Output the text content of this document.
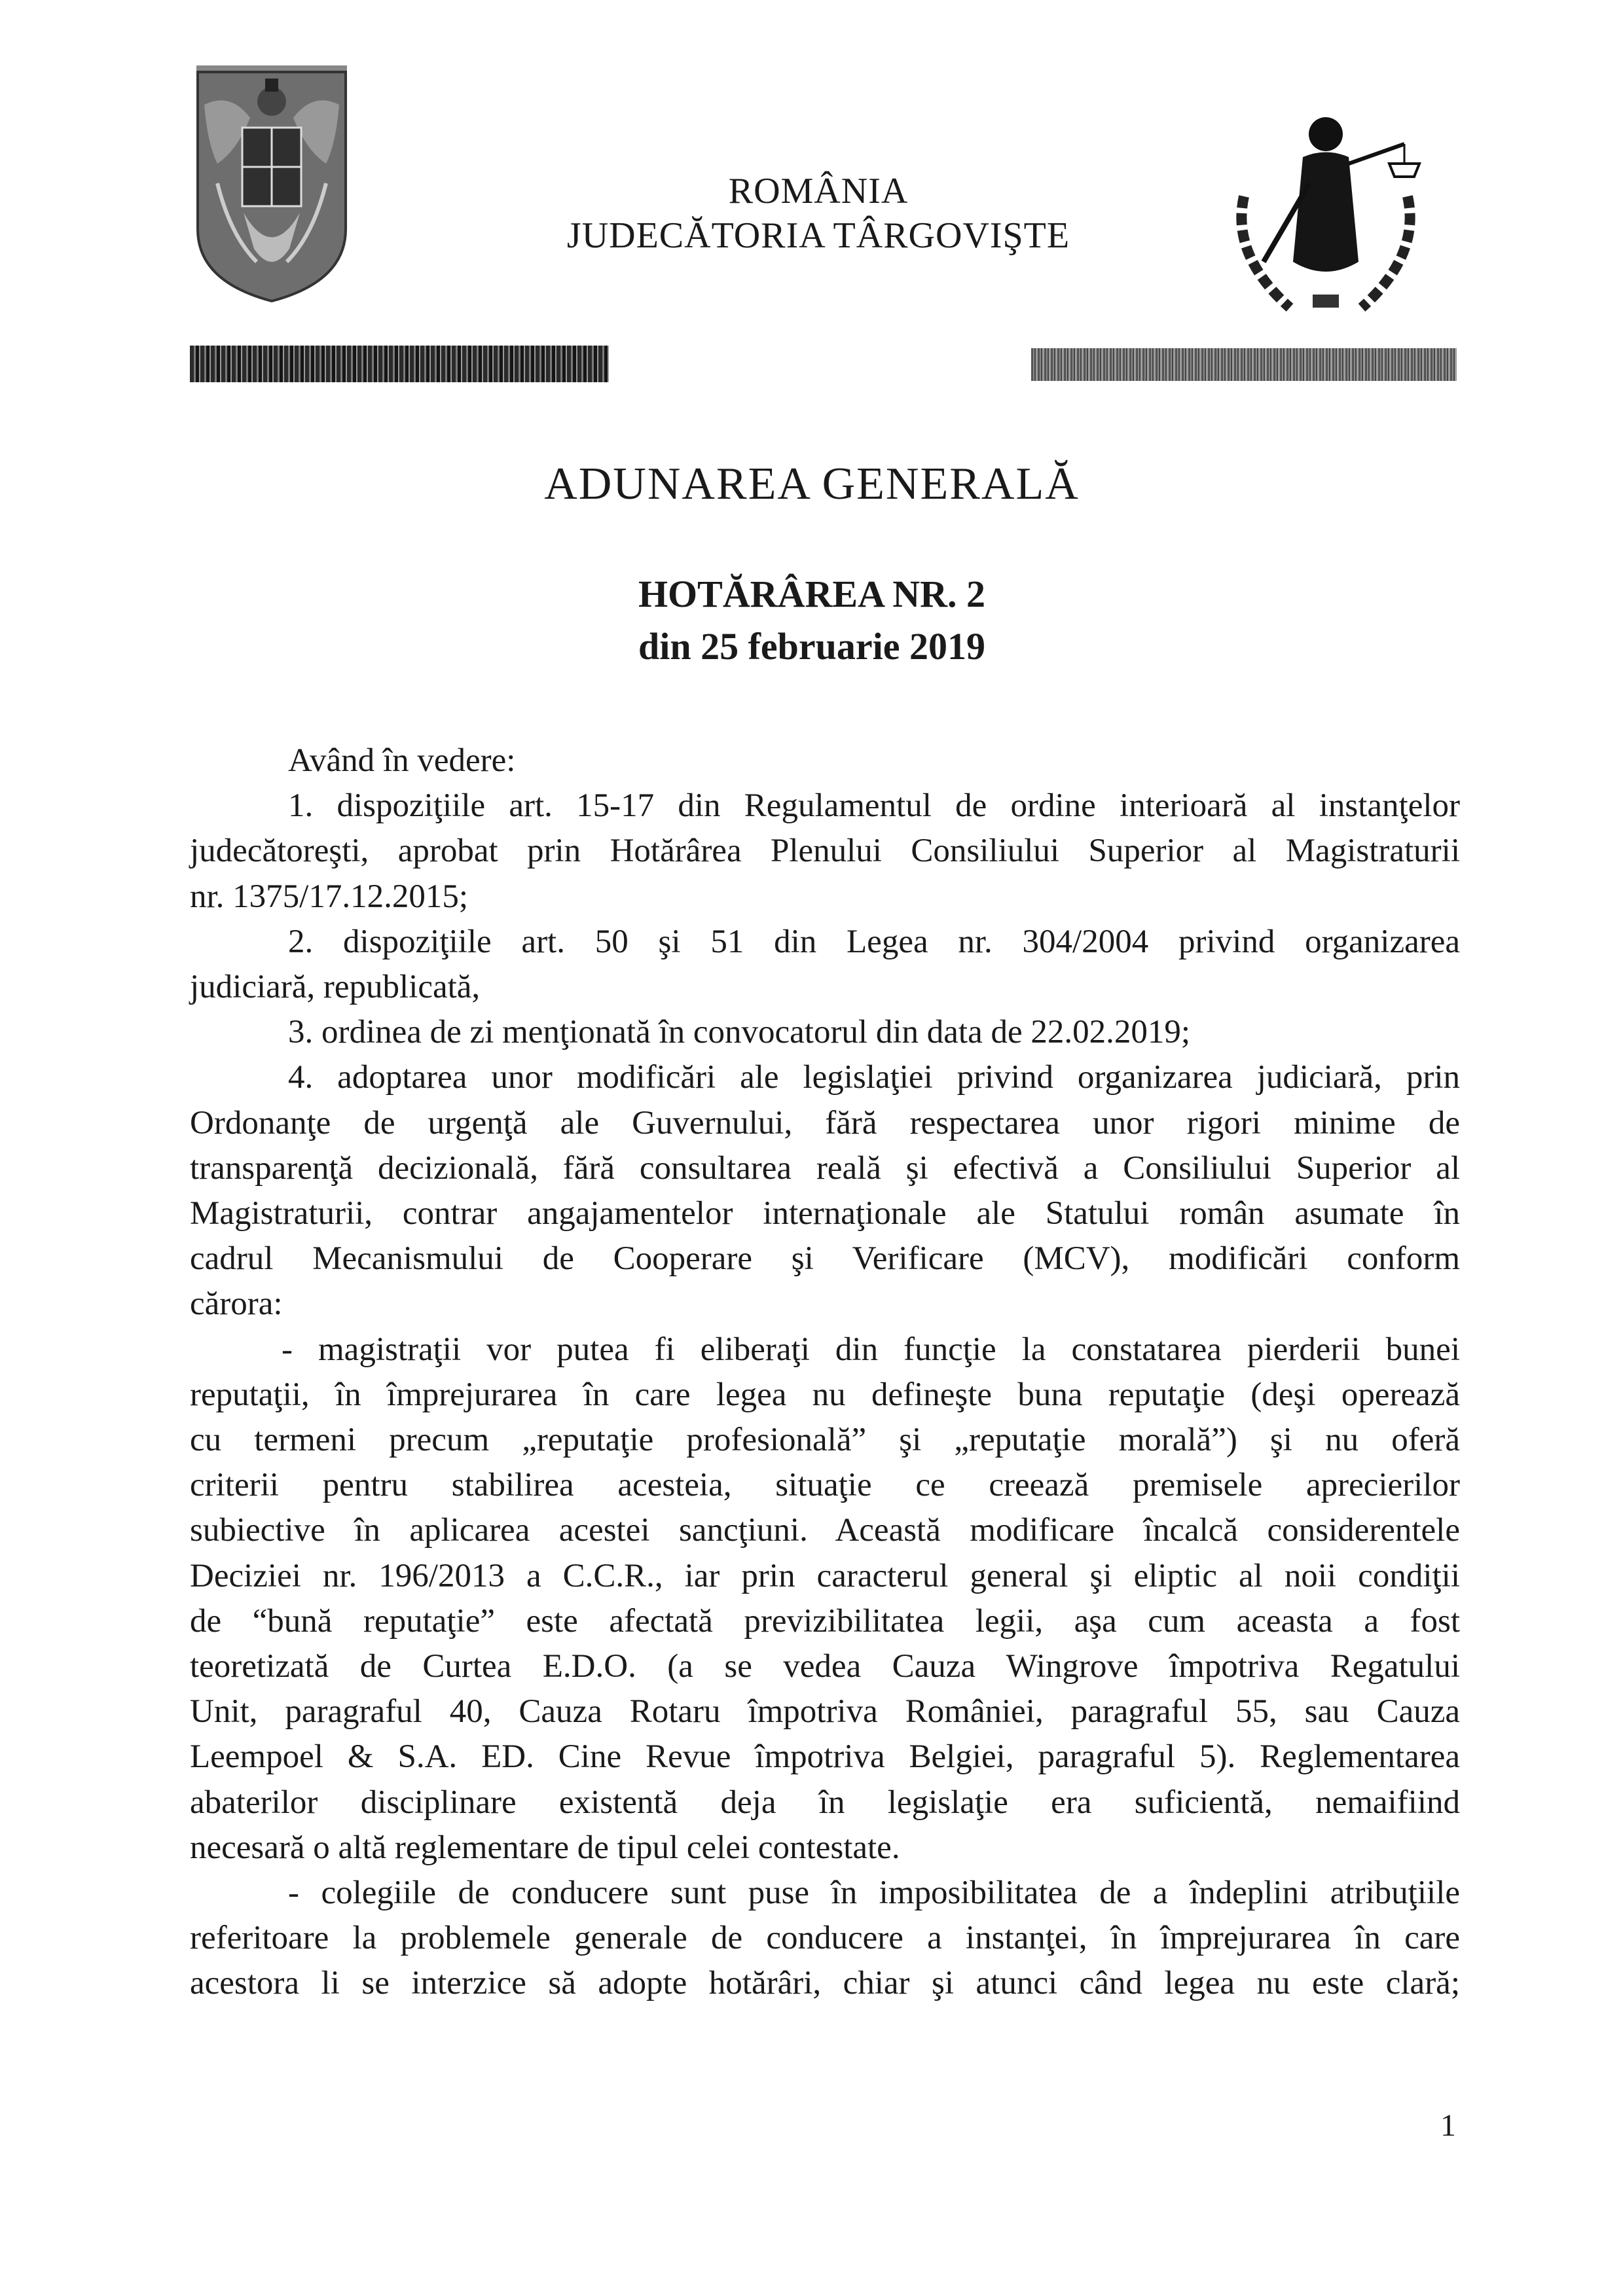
ROMÂNIA
JUDECĂTORIA TÂRGOVIŞTE
ADUNAREA GENERALĂ
HOTĂRÂREA NR. 2
din 25 februarie 2019
Având în vedere:
1. dispoziţiile art. 15-17 din Regulamentul de ordine interioară al instanţelor
judecătoreşti, aprobat prin Hotărârea Plenului Consiliului Superior al Magistraturii
nr. 1375/17.12.2015;
2. dispoziţiile art. 50 şi 51 din Legea nr. 304/2004 privind organizarea
judiciară, republicată,
3. ordinea de zi menţionată în convocatorul din data de 22.02.2019;
4. adoptarea unor modificări ale legislaţiei privind organizarea judiciară, prin
Ordonanţe de urgenţă ale Guvernului, fără respectarea unor rigori minime de
transparenţă decizională, fără consultarea reală şi efectivă a Consiliului Superior al
Magistraturii, contrar angajamentelor internaţionale ale Statului român asumate în
cadrul Mecanismului de Cooperare şi Verificare (MCV), modificări conform
cărora:
- magistraţii vor putea fi eliberaţi din funcţie la constatarea pierderii bunei
reputaţii, în împrejurarea în care legea nu defineşte buna reputaţie (deşi operează
cu termeni precum „reputaţie profesională” şi „reputaţie morală”) şi nu oferă
criterii pentru stabilirea acesteia, situaţie ce creează premisele aprecierilor
subiective în aplicarea acestei sancţiuni. Această modificare încalcă considerentele
Deciziei nr. 196/2013 a C.C.R., iar prin caracterul general şi eliptic al noii condiţii
de “bună reputaţie” este afectată previzibilitatea legii, aşa cum aceasta a fost
teoretizată de Curtea E.D.O. (a se vedea Cauza Wingrove împotriva Regatului
Unit, paragraful 40, Cauza Rotaru împotriva României, paragraful 55, sau Cauza
Leempoel & S.A. ED. Cine Revue împotriva Belgiei, paragraful 5). Reglementarea
abaterilor disciplinare existentă deja în legislaţie era suficientă, nemaifiind
necesară o altă reglementare de tipul celei contestate.
- colegiile de conducere sunt puse în imposibilitatea de a îndeplini atribuţiile
referitoare la problemele generale de conducere a instanţei, în împrejurarea în care
acestora li se interzice să adopte hotărâri, chiar şi atunci când legea nu este clară;
1
